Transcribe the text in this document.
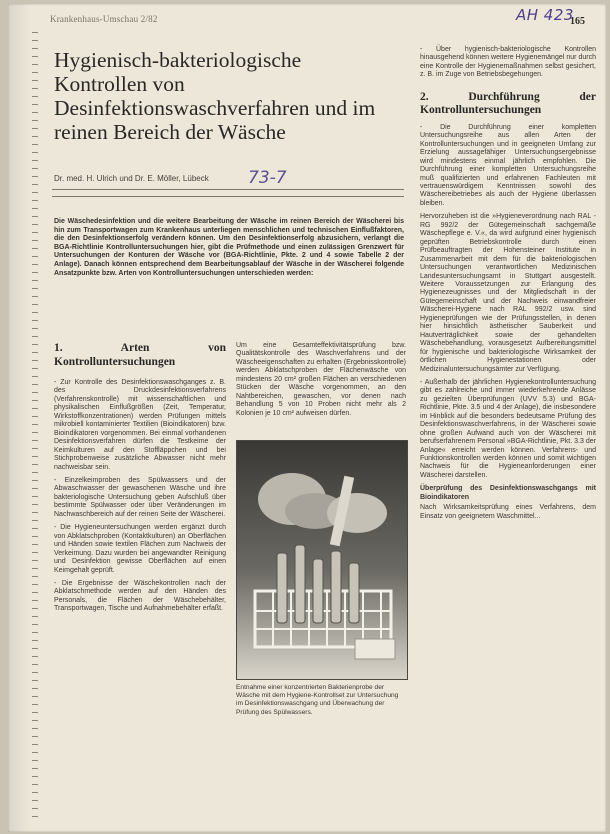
Krankenhaus-Umschau 2/82	AH 423
165
Hygienisch-bakteriologische Kontrollen von Desinfektionswaschverfahren und im reinen Bereich der Wäsche
Dr. med. H. Ulrich und Dr. E. Möller, Lübeck 73-7

Die Wäschedesinfektion und die weitere Bearbeitung der Wäsche im reinen Bereich der Wäscherei bis hin zum Transportwagen zum Krankenhaus unterliegen menschlichen und technischen Einflußfaktoren, die den Desinfektionserfolg verändern können. Um den Desinfektionserfolg abzusichern, verlangt die BGA-Richtlinie Kontrolluntersuchungen hier, gibt die Prüfmethode und einen zulässigen Grenzwert für Untersuchungen der Konturen der Wäsche vor (BGA-Richtlinie, Pkte. 2 und 4 sowie Tabelle 2 der Anlage). Danach können entsprechend dem Bearbeitungsablauf der Wäsche in der Wäscherei folgende Ansatzpunkte bzw. Arten von Kontrolluntersuchungen unterschieden werden:

1. Arten von Kontrolluntersuchungen

- Zur Kontrolle des Desinfektionswaschganges z. B. des Druckdesinfektionsverfahrens (Verfahrenskontrolle) mit wissenschaftlichen und physikalischen Einflußgrößen (Zeit, Temperatur, Wirkstoffkonzentrationen) werden Prüfungen mittels mikrobiell kontaminierter Textilien (Bioindikatoren) bzw. Bioindikatoren vorgenommen. Bei einmal vorhandenen Desinfektionsverfahren dürfen die Testkeime der Keimkulturen auf den Stoffläppchen und bei Stichprobenweise zusätzliche Abwasser nicht mehr nachweisbar sein.

- Einzelkeimproben des Spülwassers und der Abwaschwasser der gewaschenen Wäsche und ihre bakteriologische Untersuchung geben Aufschluß über bestimmte Spülwasser oder über Veränderungen im Nachwaschbereich auf der reinen Seite der Wäscherei.

- Die Hygieneuntersuchungen werden ergänzt durch von Abklatschproben (Kontaktkulturen) an Oberflächen und Händen sowie textilen Flächen zum Nachweis der Verkeimung. Dazu wurden bei angewandter Reinigung und Desinfektion gewisse Oberflächen auf einen Keimgehalt geprüft.

- Die Ergebnisse der Wäschekontrollen nach der Abklatschmethode werden auf den Händen des Personals, die Flächen der Wäschebehälter, Transportwagen, Tische und Aufnahmebehälter erfaßt.

Um eine Gesamteffektivitätsprüfung bzw. Qualitätskontrolle des Waschverfahrens und der Wäscheeigenschaften zu erhalten (Ergebnisskontrolle) werden Abklatschproben der Flächenwäsche von mindestens 20 cm² großen Flächen an verschiedenen Stücken der Wäsche vorgenommen, an den Nahtbereichen, gewaschen, vor denen nach Behandlung 5 von 10 Proben nicht mehr als 2 Kolonien je 10 cm² aufweisen dürfen.

Entnahme einer konzentrierten Bakterienprobe der Wäsche mit dem Hygiene-Kontrollset zur Untersuchung im Desinfektionswaschgang und Überwachung der Prüfung des Spülwassers.

- Über hygienisch-bakteriologische Kontrollen hinausgehend können weitere Hygienemängel nur durch eine Kontrolle der Hygienemaßnahmen selbst gesichert, z. B. im Zuge von Betriebsbegehungen.

2. Durchführung der Kontrolluntersuchungen

- Die Durchführung einer kompletten Untersuchungsreihe aus allen Arten der Kontrolluntersuchungen und in geeigneten Umfang zur Erzielung aussagefähiger Untersuchungsergebnisse wird mindestens einmal jährlich empfohlen. Die Durchführung einer kompletten Untersuchungsreihe muß qualifizierten und erfahrenen Fachleuten mit vertrauenswürdigem Kenntnissen sowohl des Wäschereibetriebes als auch der Hygiene überlassen bleiben.

Hervorzuheben ist die »Hygieneverordnung nach RAL - RG 992/2 der Gütegemeinschaft sachgemäße Wäschepflege e. V.«, da wird aufgrund einer hygienisch geprüften Betriebskontrolle durch einen Prüfbeauftragten der Hohensteiner Institute in Zusammenarbeit mit dem für die bakteriologischen Untersuchungen verantwortlichen Medizinischen Landesuntersuchungsamt in Stuttgart ausgestellt. Weitere Voraussetzungen zur Erlangung des Hygienezeugnisses und der Mitgliedschaft in der Gütegemeinschaft und der Nachweis einwandfreier Wäscherei-Hygiene nach RAL 992/2 usw. sind Hygieneprüfungen wie der Prüfungsstellen, in denen hier hinsichtlich ästhetischer Sauberkeit und Hautverträglichkeit sowie der gehandelten Wäschebehandlung, vorausgesetzt Aufbereitungsmittel für hygienische und bakteriologische Wirksamkeit der örtlichen Hygienestationen oder Medizinaluntersuchungsämter zur Verfügung.

- Außerhalb der jährlichen Hygienekontrolluntersuchung gibt es zahlreiche und immer wiederkehrende Anlässe zu gezielten Überprüfungen (UVV 5.3) und BGA-Richtlinie, Pkte. 3.5 und 4 der Anlage), die insbesondere im Hinblick auf die besonders bedeutsame Prüfung des Desinfektionswaschverfahrens, in der Wäscherei sowie ohne großen Aufwand auch von der Wäscherei mit berufserfahrenem Personal »BGA-Richtlinie, Pkt. 3.3 der Anlage« erreicht werden können. Verfahrens- und Funktionskontrollen werden können und somit wichtigen Nachweis für die Hygieneanforderungen einer Wäscherei darstellen.

Überprüfung des Desinfektionswaschgangs mit Bioindikatoren

Nach Wirksamkeitsprüfung eines Verfahrens, dem Einsatz von geeignetem Waschmittel...
